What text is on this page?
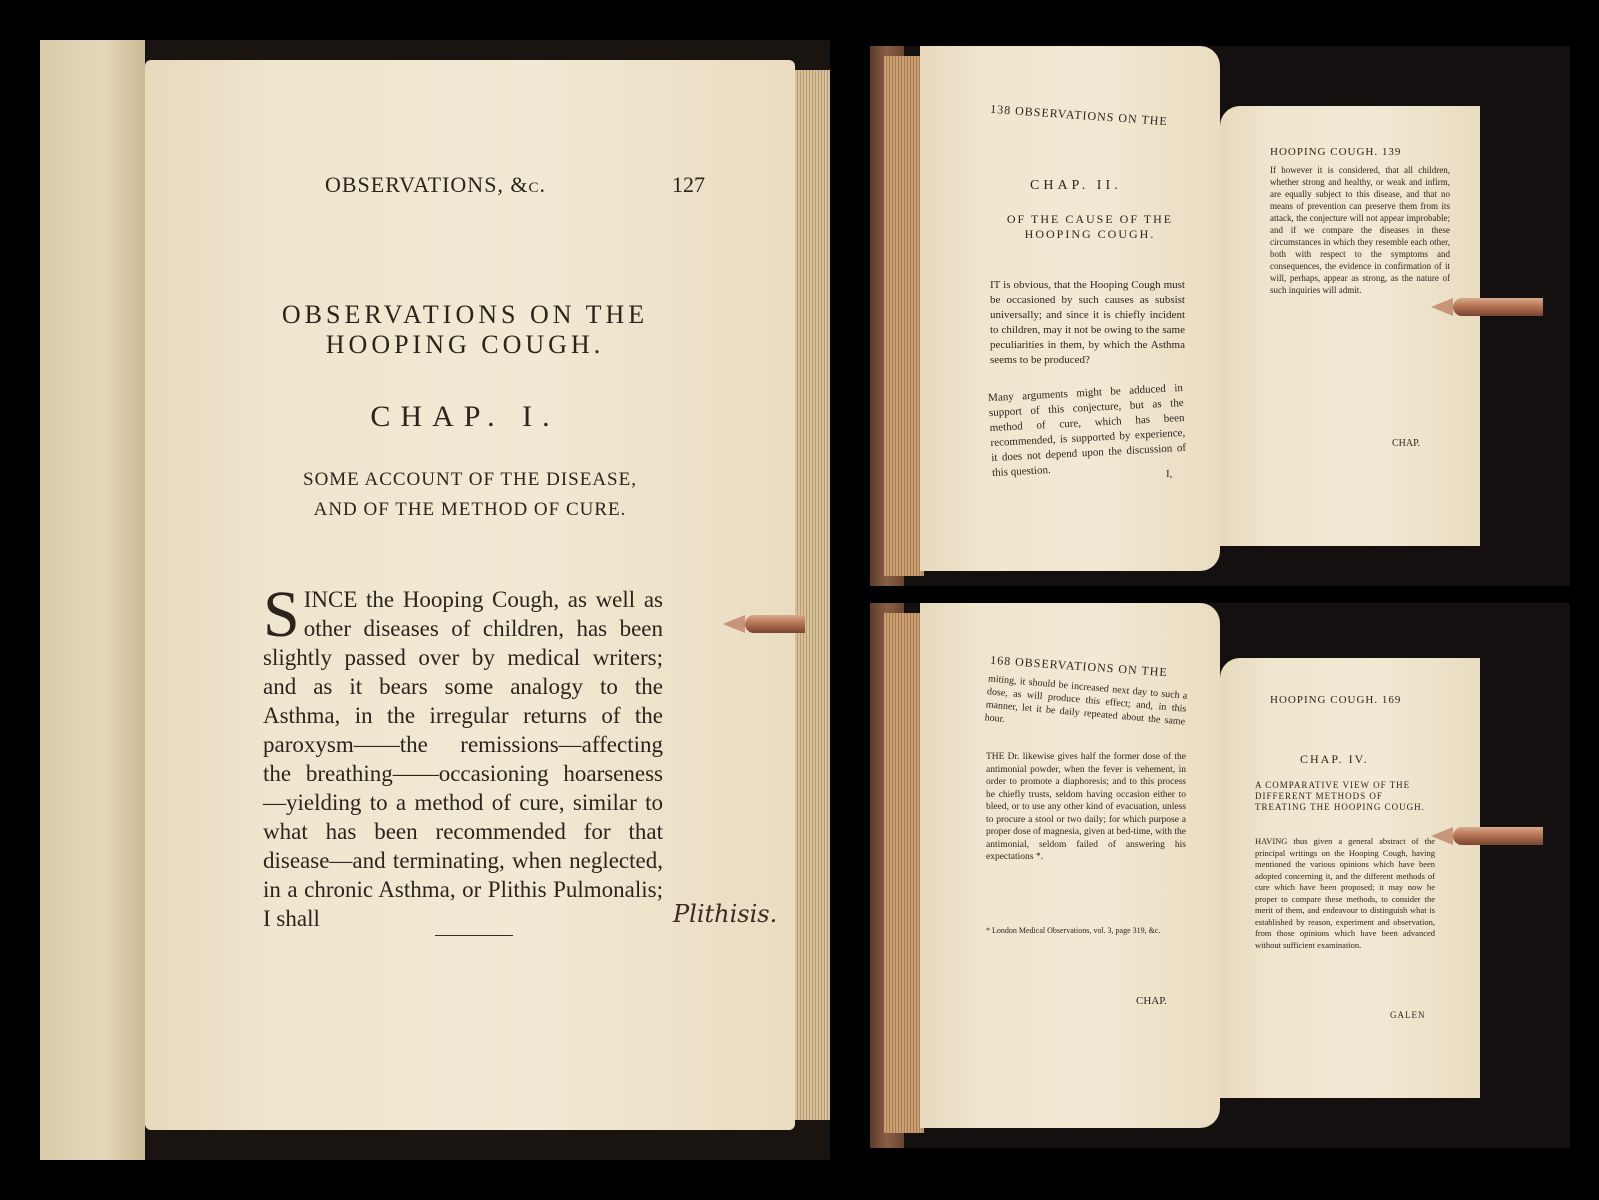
OBSERVATIONS, &c.	127
OBSERVATIONS ON THE
HOOPING COUGH.
CHAP. I.
SOME ACCOUNT OF THE DISEASE,
AND OF THE METHOD OF CURE.
S INCE the Hooping Cough, as well as other diseases of children, has been slightly passed over by medical writers; and as it bears some analogy to the Asthma, in the irregular returns of the paroxysm——the remissions—affecting the breathing——occasioning hoarseness—yielding to a method of cure, similar to what has been recommended for that disease—and terminating, when neglected, in a chronic Asthma, or Plithis Pulmonalis; I shall	Plithisis.
138 OBSERVATIONS ON THE
CHAP. II.
OF THE CAUSE OF THE
HOOPING COUGH.
IT is obvious, that the Hooping Cough must be occasioned by such causes as subsist universally; and since it is chiefly incident to children, may it not be owing to the same peculiarities in them, by which the Asthma seems to be produced?
Many arguments might be adduced in support of this conjecture, but as the method of cure, which has been recommended, is supported by experience, it does not depend upon the discussion of this question.	I,
HOOPING COUGH. 139
If however it is considered, that all children, whether strong and healthy, or weak and infirm, are equally subject to this disease, and that no means of prevention can preserve them from its attack, the conjecture will not appear improbable; and if we compare the diseases in these circumstances in which they resemble each other, both with respect to the symptoms and consequences, the evidence in confirmation of it will, perhaps, appear as strong, as the nature of such inquiries will admit.
CHAP.
168 OBSERVATIONS ON THE
miting, it should be increased next day to such a dose, as will produce this effect; and, in this manner, let it be daily repeated about the same hour.
THE Dr. likewise gives half the former dose of the antimonial powder, when the fever is vehement, in order to promote a diaphoresis; and to this process he chiefly trusts, seldom having occasion either to bleed, or to use any other kind of evacuation, unless to procure a stool or two daily; for which purpose a proper dose of magnesia, given at bed-time, with the antimonial, seldom failed of answering his expectations *.
* London Medical Observations, vol. 3, page 319, &c.
CHAP.
HOOPING COUGH. 169
CHAP. IV.
A COMPARATIVE VIEW OF THE DIFFERENT METHODS OF TREATING THE HOOPING COUGH.
HAVING thus given a general abstract of the principal writings on the Hooping Cough, having mentioned the various opinions which have been adopted concerning it, and the different methods of cure which have been proposed; it may now be proper to compare these methods, to consider the merit of them, and endeavour to distinguish what is established by reason, experiment and observation, from those opinions which have been advanced without sufficient examination.
GALEN
